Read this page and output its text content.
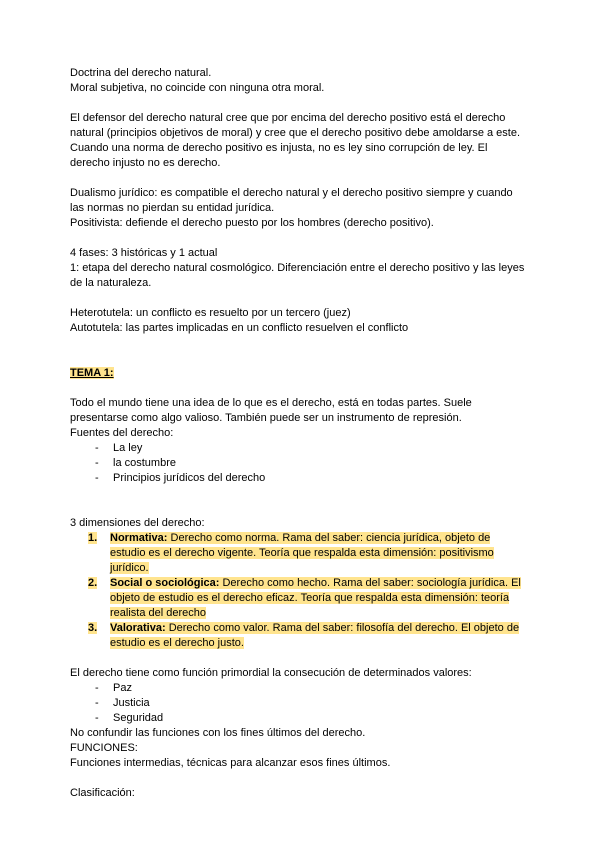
Doctrina del derecho natural.
Moral subjetiva, no coincide con ninguna otra moral.

El defensor del derecho natural cree que por encima del derecho positivo está el derecho natural (principios objetivos de moral) y cree que el derecho positivo debe amoldarse a este. Cuando una norma de derecho positivo es injusta, no es ley sino corrupción de ley. El derecho injusto no es derecho.

Dualismo jurídico: es compatible el derecho natural y el derecho positivo siempre y cuando las normas no pierdan su entidad jurídica.
Positivista: defiende el derecho puesto por los hombres (derecho positivo).

4 fases: 3 históricas y 1 actual
1: etapa del derecho natural cosmológico. Diferenciación entre el derecho positivo y las leyes de la naturaleza.

Heterotutela: un conflicto es resuelto por un tercero (juez)
Autotutela: las partes implicadas en un conflicto resuelven el conflicto

TEMA 1:

Todo el mundo tiene una idea de lo que es el derecho, está en todas partes. Suele presentarse como algo valioso. También puede ser un instrumento de represión.
Fuentes del derecho:

-	La ley
-	la costumbre
-	Principios jurídicos del derecho

3 dimensiones del derecho:

1.	Normativa: Derecho como norma. Rama del saber: ciencia jurídica, objeto de estudio es el derecho vigente. Teoría que respalda esta dimensión: positivismo jurídico.
2.	Social o sociológica: Derecho como hecho. Rama del saber: sociología jurídica. El objeto de estudio es el derecho eficaz. Teoría que respalda esta dimensión: teoría realista del derecho
3.	Valorativa: Derecho como valor. Rama del saber: filosofía del derecho. El objeto de estudio es el derecho justo.

El derecho tiene como función primordial la consecución de determinados valores:

-	Paz
-	Justicia
-	Seguridad

No confundir las funciones con los fines últimos del derecho.
FUNCIONES:
Funciones intermedias, técnicas para alcanzar esos fines últimos.

Clasificación:
